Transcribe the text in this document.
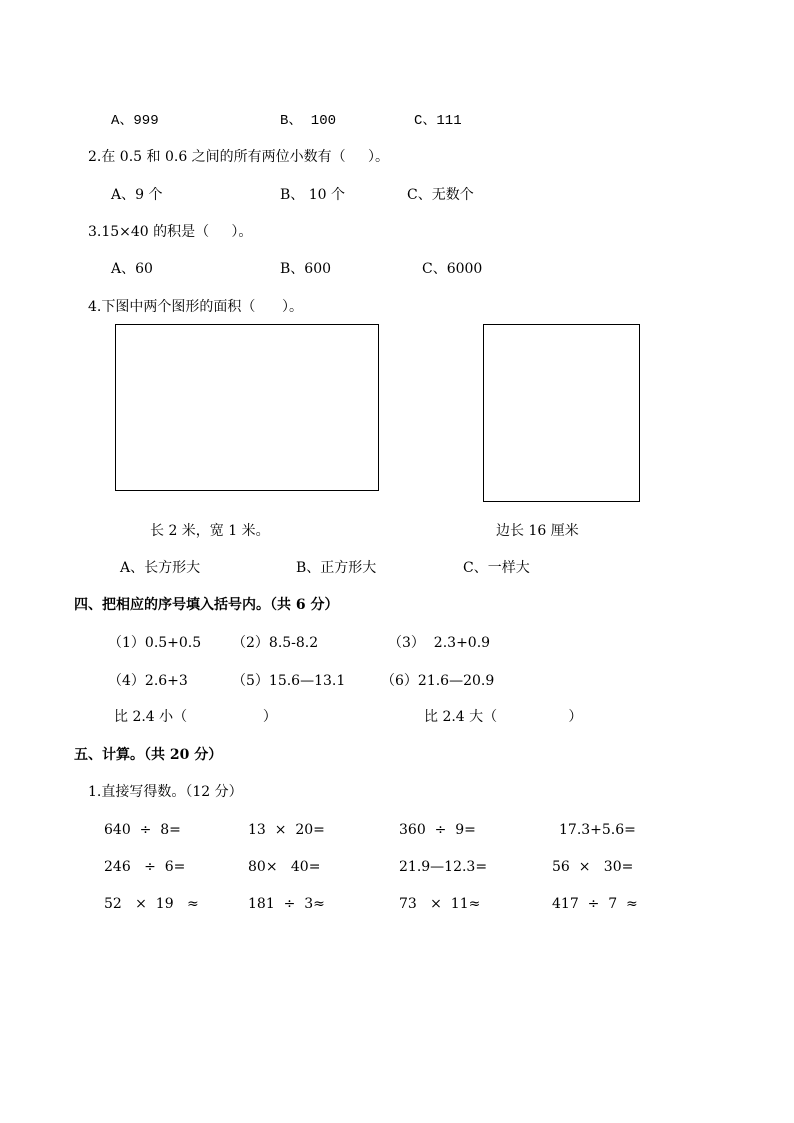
A、999	B、 100	C、111
2.在 0.5 和 0.6 之间的所有两位小数有（     ）。
A、9 个	B、 10 个	C、无数个
3.15×40 的积是（     ）。
A、60	B、600	C、6000
4.下图中两个图形的面积（      ）。
长 2 米，宽 1 米。	边长 16 厘米
A、长方形大	B、正方形大	C、一样大
四、把相应的序号填入括号内。（共 6 分）
（1）0.5+0.5 （2）8.5-8.2	（3）  2.3+0.9
（4）2.6+3	（5）15.6—13.1	（6）21.6—20.9
比 2.4 小（                 ）	比 2.4 大（                ）
五、计算。（共 20 分）
1.直接写得数。（12 分）
640  ÷  8=	13  ×  20=	360  ÷  9=	17.3+5.6=
246   ÷  6=	80×   40=	21.9—12.3=	56  ×   30=
52   ×  19   ≈	181  ÷  3≈	73   ×  11≈	417  ÷  7  ≈
